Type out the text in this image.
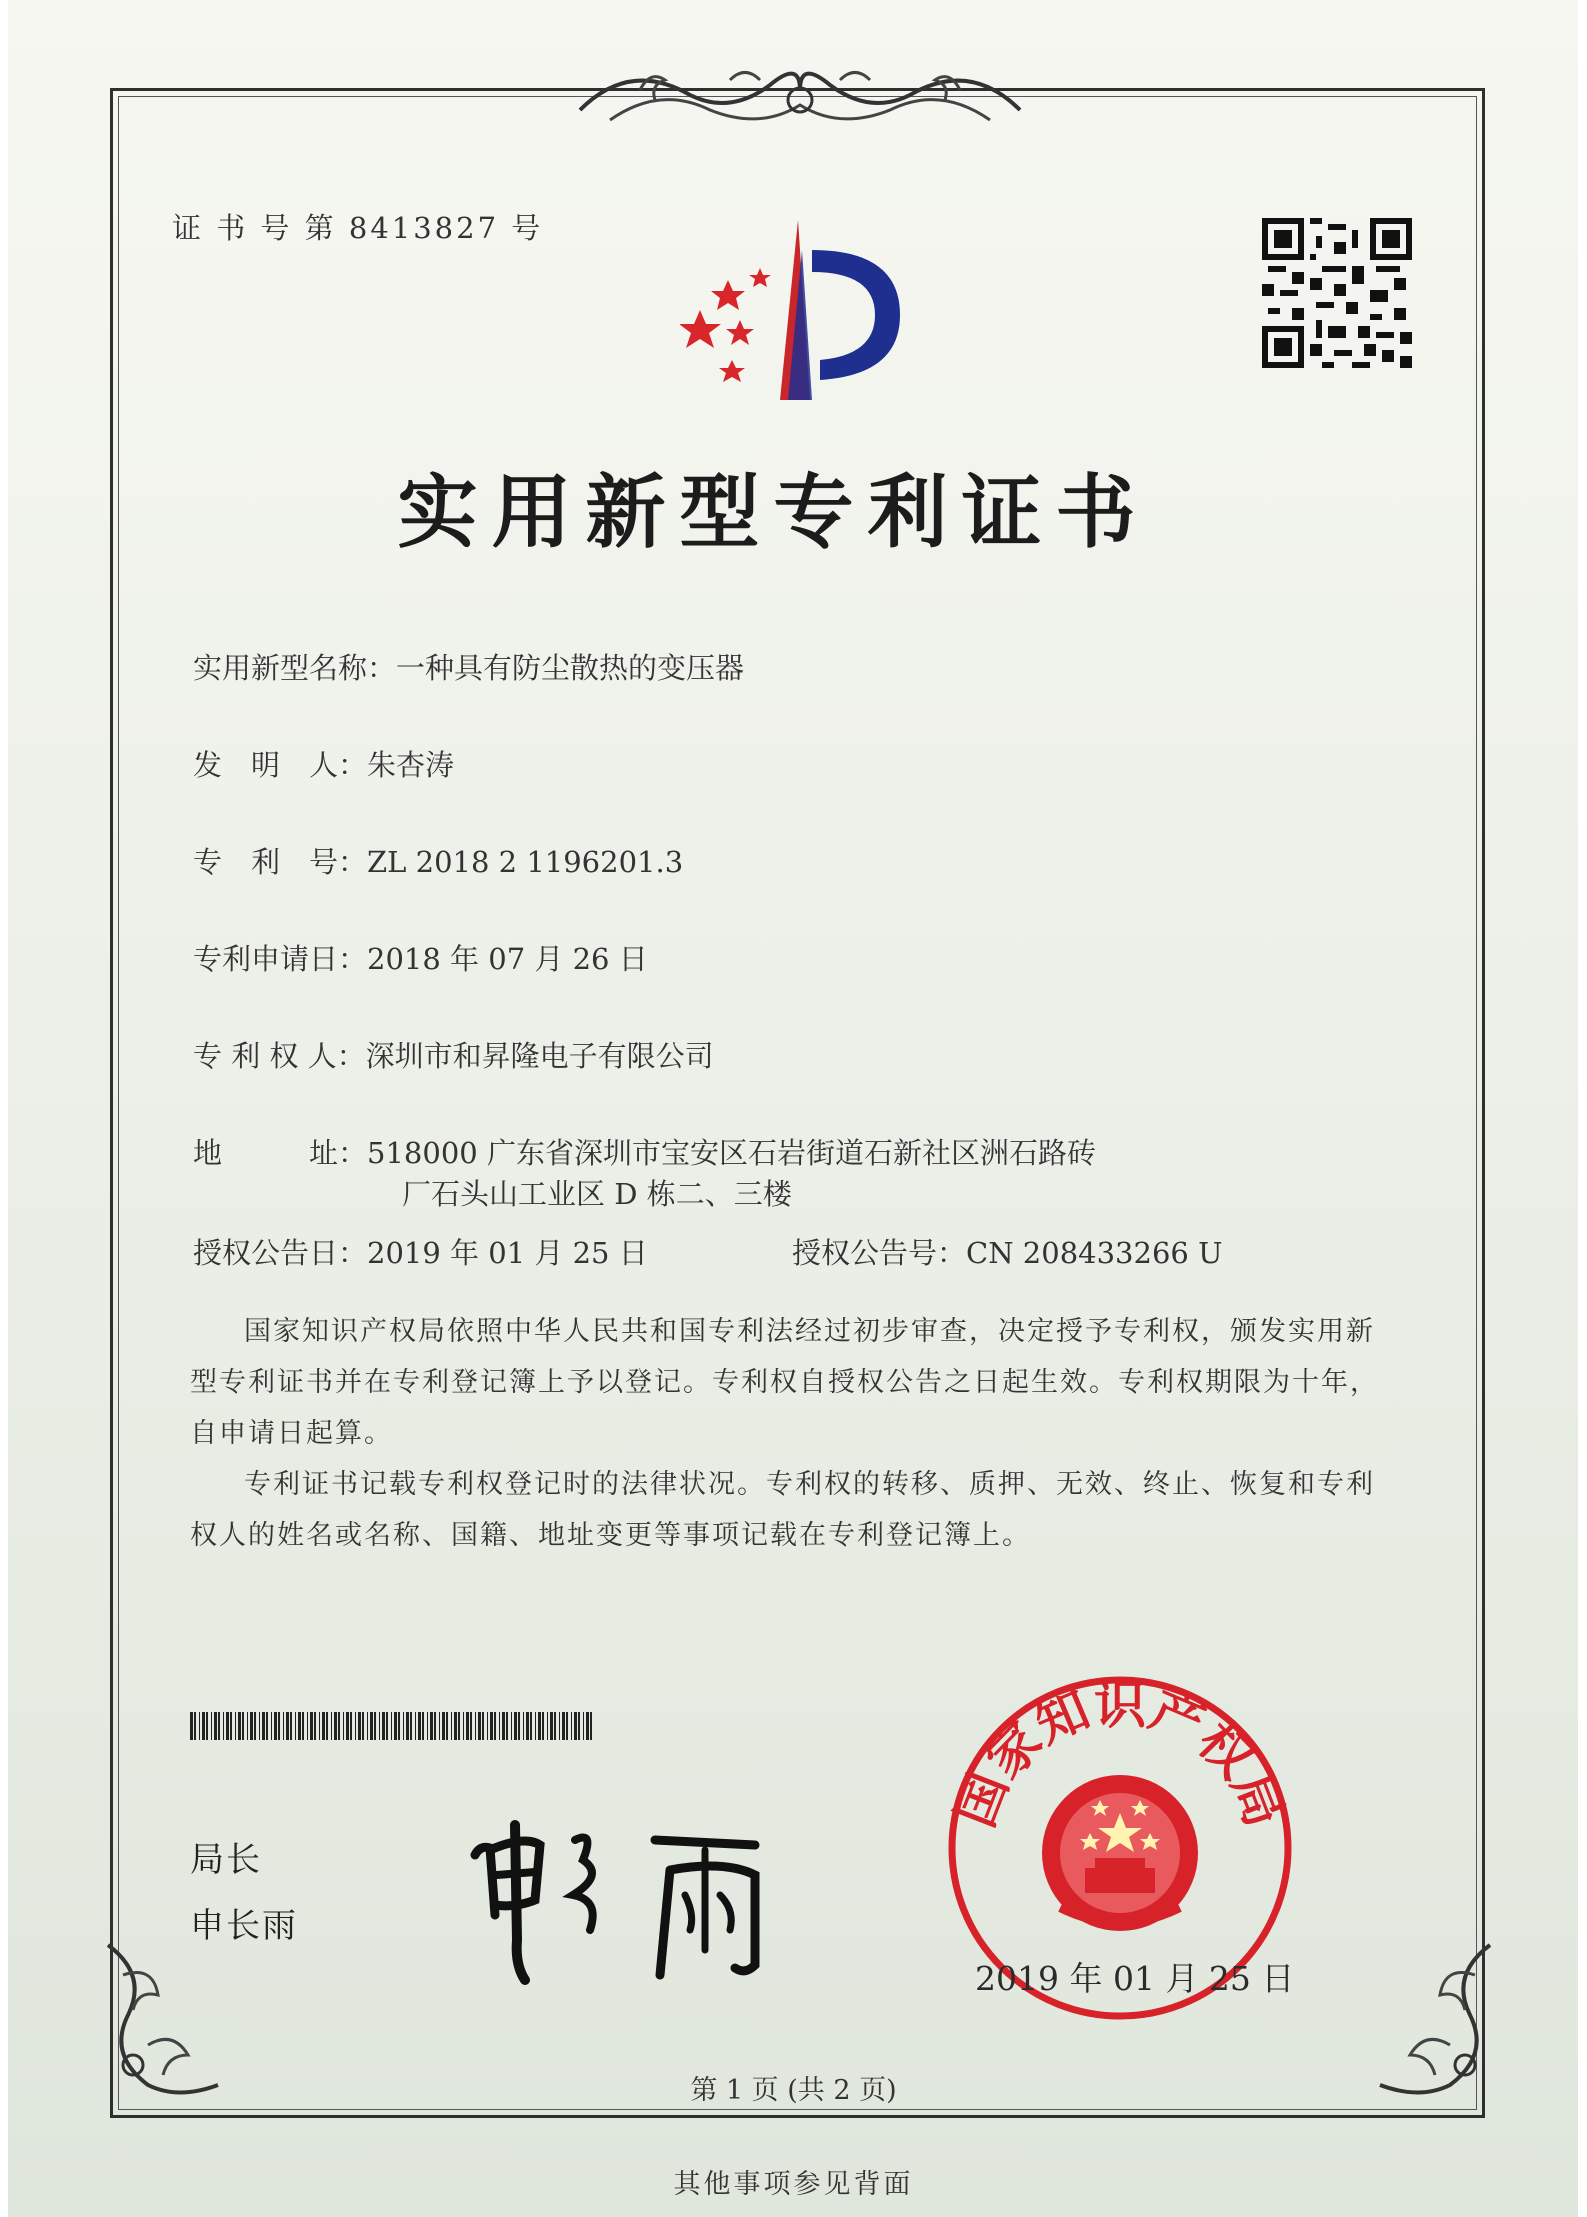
证 书 号 第 8413827 号
实用新型专利证书
实用新型名称：一种具有防尘散热的变压器
发　明　人：朱杏涛
专　利　号：ZL 2018 2 1196201.3
专利申请日：2018 年 07 月 26 日
专 利 权 人：深圳市和昇隆电子有限公司
地　　　址：518000 广东省深圳市宝安区石岩街道石新社区洲石路砖
厂石头山工业区 D 栋二、三楼
授权公告日：2019 年 01 月 25 日	授权公告号：CN 208433266 U

国家知识产权局依照中华人民共和国专利法经过初步审查，决定授予专利权，颁发实用新型专利证书并在专利登记簿上予以登记。专利权自授权公告之日起生效。专利权期限为十年，自申请日起算。

专利证书记载专利权登记时的法律状况。专利权的转移、质押、无效、终止、恢复和专利权人的姓名或名称、国籍、地址变更等事项记载在专利登记簿上。

局长
申长雨
国家知识产权局
2019 年 01 月 25 日
第 1 页 (共 2 页)
其他事项参见背面
